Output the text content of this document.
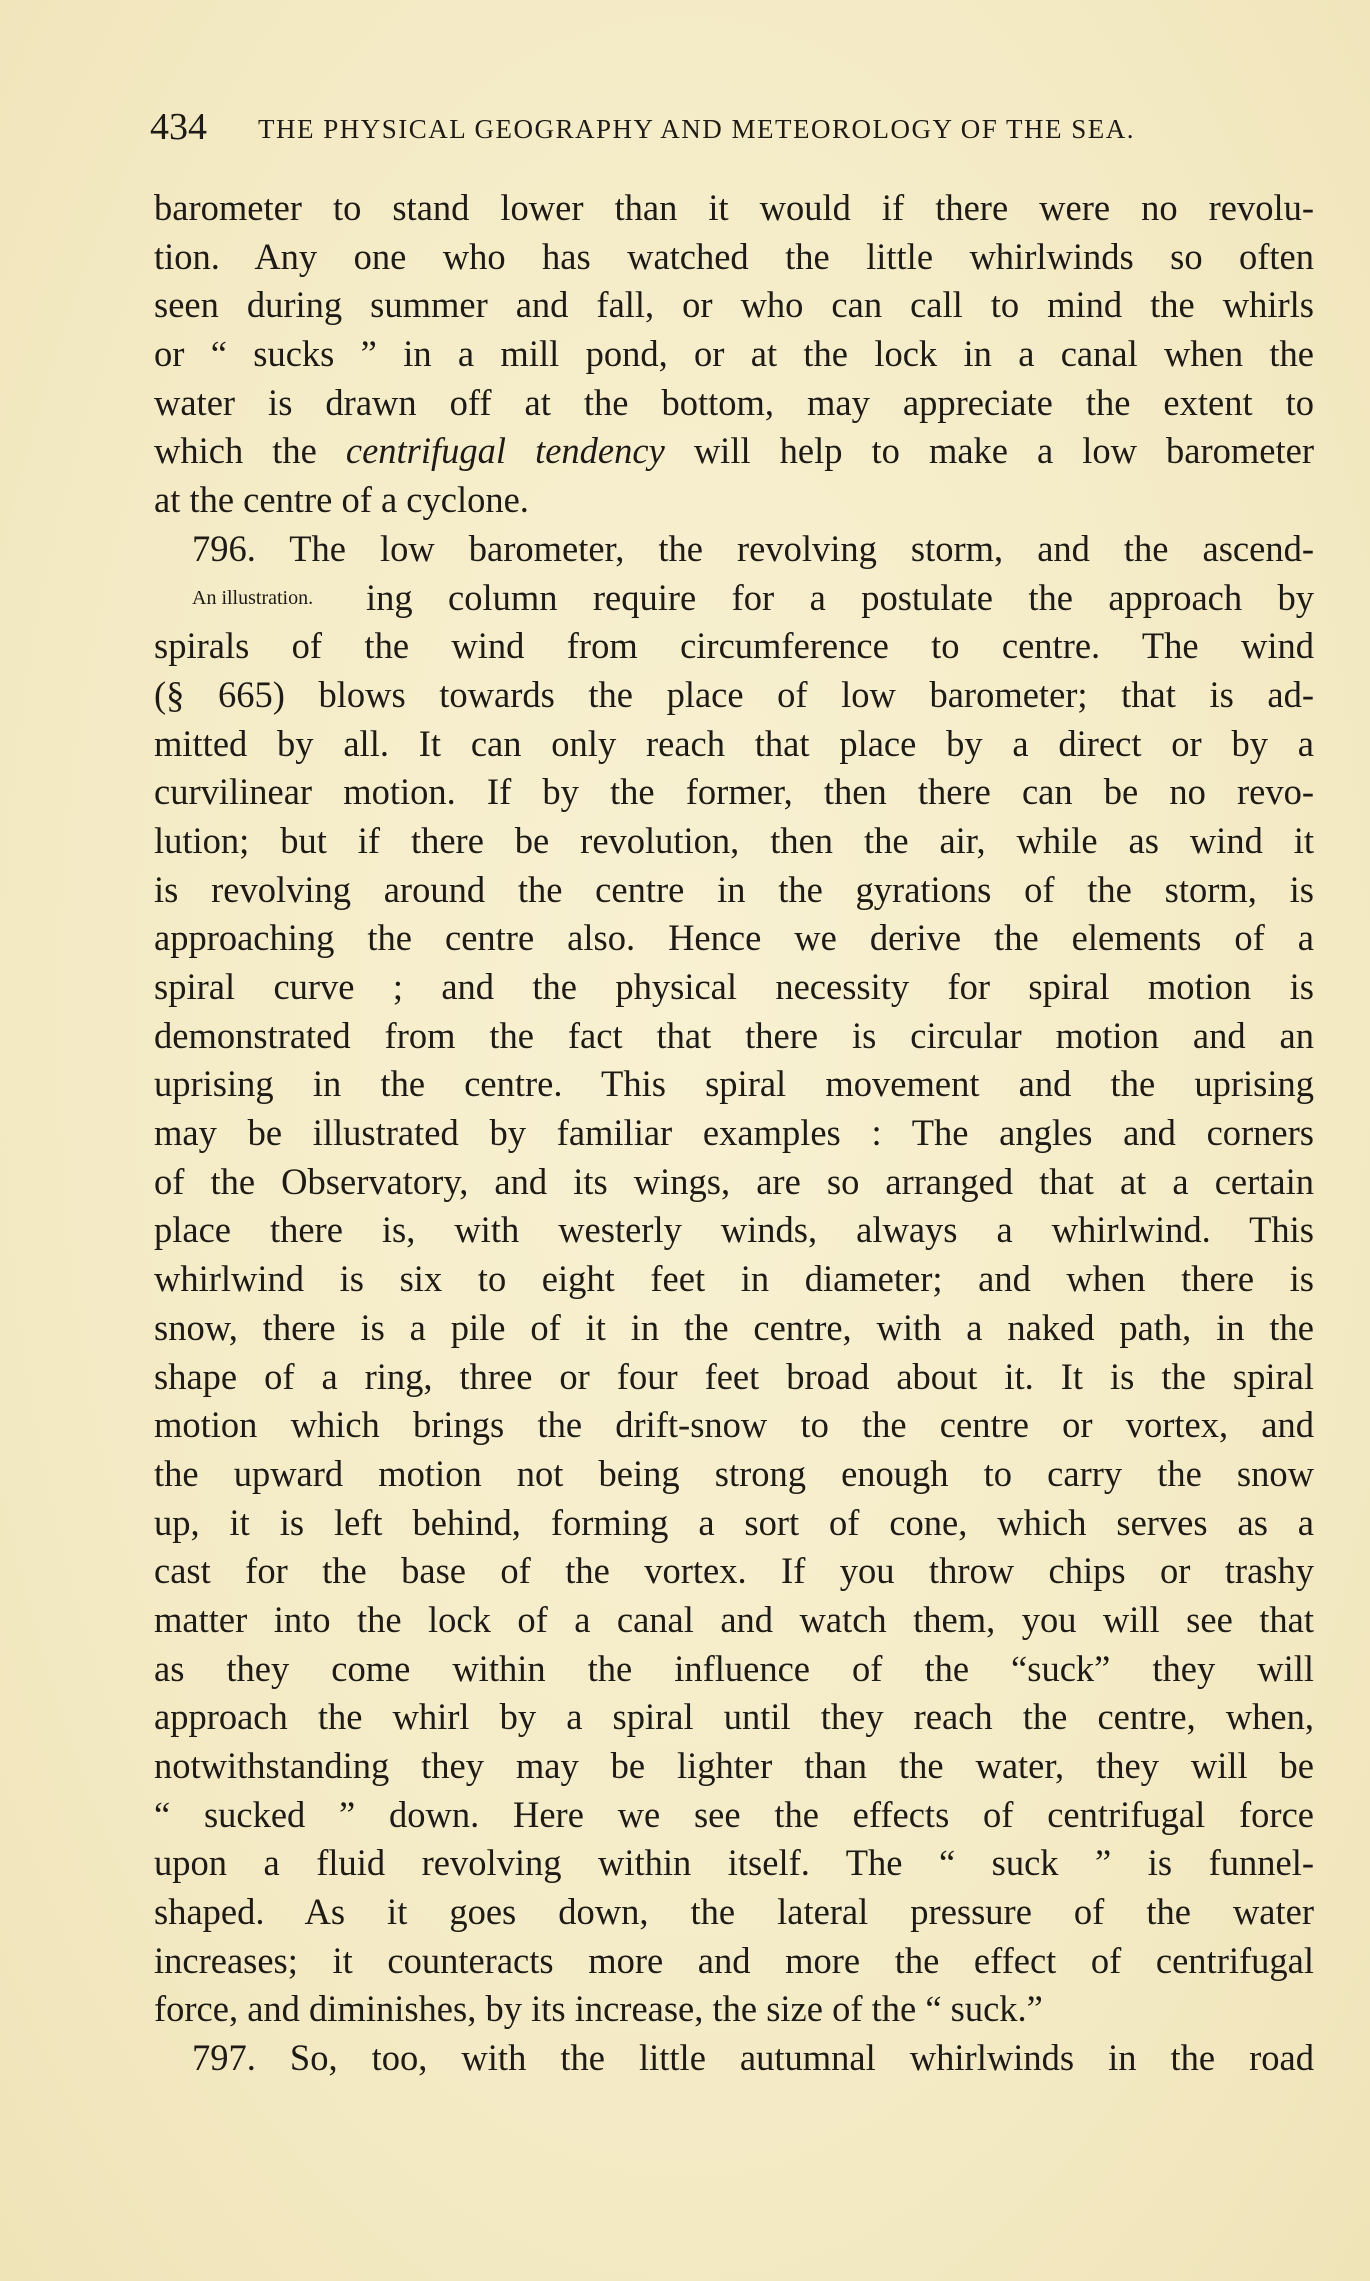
434 THE PHYSICAL GEOGRAPHY AND METEOROLOGY OF THE SEA.
barometer to stand lower than it would if there were no revolu-
tion. Any one who has watched the little whirlwinds so often
seen during summer and fall, or who can call to mind the whirls
or “ sucks ” in a mill pond, or at the lock in a canal when the
water is drawn off at the bottom, may appreciate the extent to
which the centrifugal tendency will help to make a low barometer
at the centre of a cyclone.
796. The low barometer, the revolving storm, and the ascend-
An illustration.	ing column require for a postulate the approach by
spirals of the wind from circumference to centre. The wind
(§ 665) blows towards the place of low barometer; that is ad-
mitted by all. It can only reach that place by a direct or by a
curvilinear motion. If by the former, then there can be no revo-
lution; but if there be revolution, then the air, while as wind it
is revolving around the centre in the gyrations of the storm, is
approaching the centre also. Hence we derive the elements of a
spiral curve ; and the physical necessity for spiral motion is
demonstrated from the fact that there is circular motion and an
uprising in the centre. This spiral movement and the uprising
may be illustrated by familiar examples : The angles and corners
of the Observatory, and its wings, are so arranged that at a certain
place there is, with westerly winds, always a whirlwind. This
whirlwind is six to eight feet in diameter; and when there is
snow, there is a pile of it in the centre, with a naked path, in the
shape of a ring, three or four feet broad about it. It is the spiral
motion which brings the drift-snow to the centre or vortex, and
the upward motion not being strong enough to carry the snow
up, it is left behind, forming a sort of cone, which serves as a
cast for the base of the vortex. If you throw chips or trashy
matter into the lock of a canal and watch them, you will see that
as they come within the influence of the “suck” they will
approach the whirl by a spiral until they reach the centre, when,
notwithstanding they may be lighter than the water, they will be
“ sucked ” down. Here we see the effects of centrifugal force
upon a fluid revolving within itself. The “ suck ” is funnel-
shaped. As it goes down, the lateral pressure of the water
increases; it counteracts more and more the effect of centrifugal
force, and diminishes, by its increase, the size of the “ suck.”
797. So, too, with the little autumnal whirlwinds in the road
